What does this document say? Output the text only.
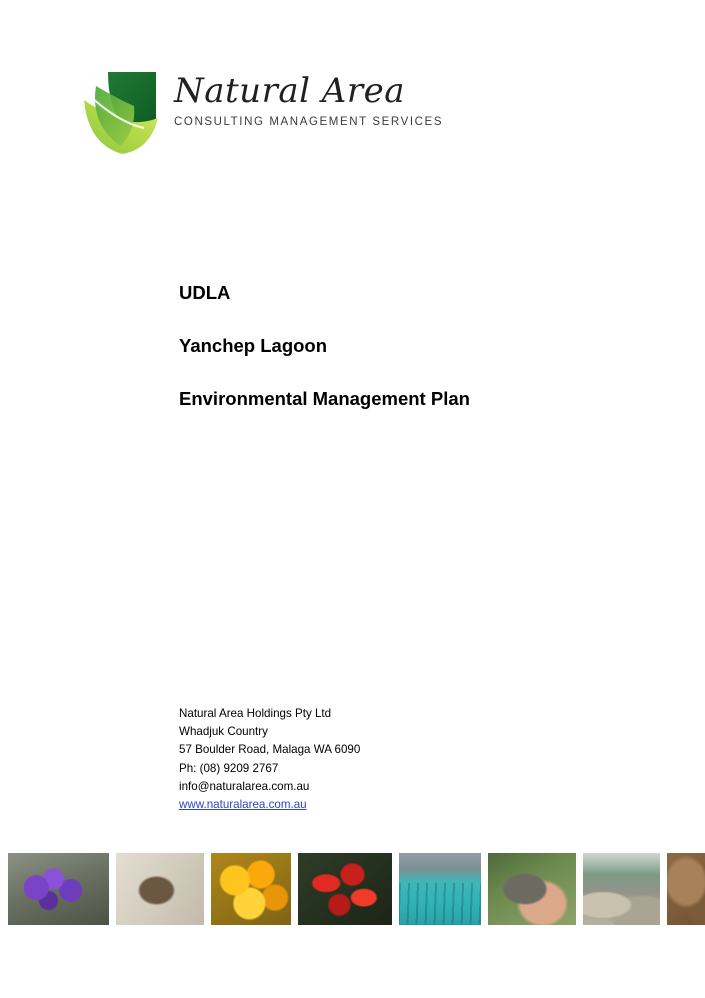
Natural Area
CONSULTING MANAGEMENT SERVICES
UDLA
Yanchep Lagoon
Environmental Management Plan
Natural Area Holdings Pty Ltd
Whadjuk Country
57 Boulder Road, Malaga WA 6090
Ph: (08) 9209 2767
info@naturalarea.com.au
www.naturalarea.com.au
